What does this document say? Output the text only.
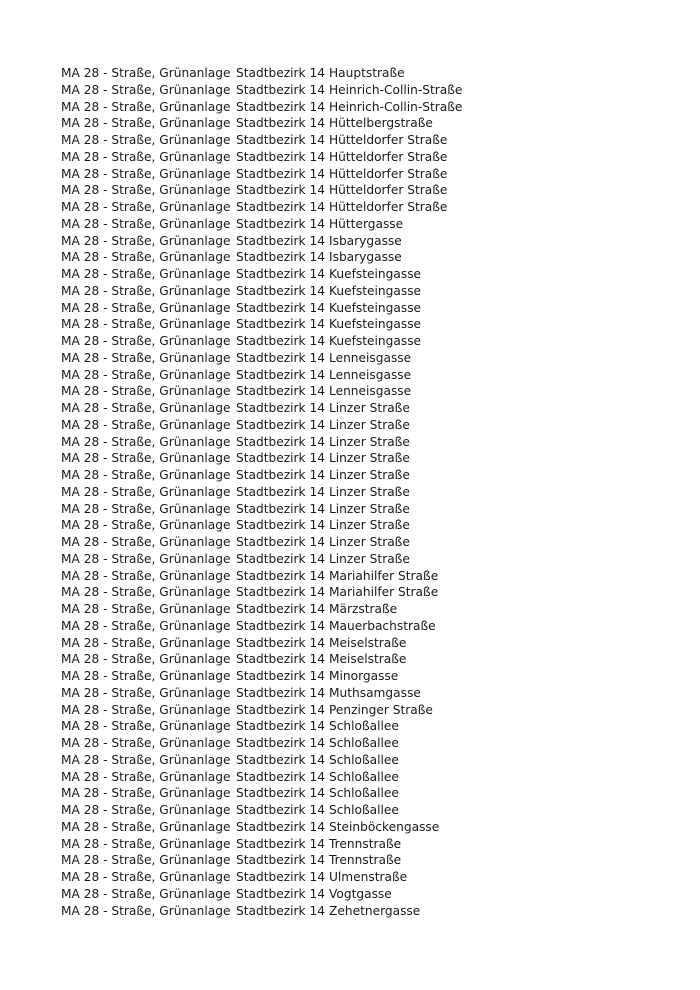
MA 28 - Straße, Grünanlage Stadtbezirk 14 Hauptstraße
MA 28 - Straße, Grünanlage Stadtbezirk 14 Heinrich-Collin-Straße
MA 28 - Straße, Grünanlage Stadtbezirk 14 Heinrich-Collin-Straße
MA 28 - Straße, Grünanlage Stadtbezirk 14 Hüttelbergstraße
MA 28 - Straße, Grünanlage Stadtbezirk 14 Hütteldorfer Straße
MA 28 - Straße, Grünanlage Stadtbezirk 14 Hütteldorfer Straße
MA 28 - Straße, Grünanlage Stadtbezirk 14 Hütteldorfer Straße
MA 28 - Straße, Grünanlage Stadtbezirk 14 Hütteldorfer Straße
MA 28 - Straße, Grünanlage Stadtbezirk 14 Hütteldorfer Straße
MA 28 - Straße, Grünanlage Stadtbezirk 14 Hüttergasse
MA 28 - Straße, Grünanlage Stadtbezirk 14 Isbarygasse
MA 28 - Straße, Grünanlage Stadtbezirk 14 Isbarygasse
MA 28 - Straße, Grünanlage Stadtbezirk 14 Kuefsteingasse
MA 28 - Straße, Grünanlage Stadtbezirk 14 Kuefsteingasse
MA 28 - Straße, Grünanlage Stadtbezirk 14 Kuefsteingasse
MA 28 - Straße, Grünanlage Stadtbezirk 14 Kuefsteingasse
MA 28 - Straße, Grünanlage Stadtbezirk 14 Kuefsteingasse
MA 28 - Straße, Grünanlage Stadtbezirk 14 Lenneisgasse
MA 28 - Straße, Grünanlage Stadtbezirk 14 Lenneisgasse
MA 28 - Straße, Grünanlage Stadtbezirk 14 Lenneisgasse
MA 28 - Straße, Grünanlage Stadtbezirk 14 Linzer Straße
MA 28 - Straße, Grünanlage Stadtbezirk 14 Linzer Straße
MA 28 - Straße, Grünanlage Stadtbezirk 14 Linzer Straße
MA 28 - Straße, Grünanlage Stadtbezirk 14 Linzer Straße
MA 28 - Straße, Grünanlage Stadtbezirk 14 Linzer Straße
MA 28 - Straße, Grünanlage Stadtbezirk 14 Linzer Straße
MA 28 - Straße, Grünanlage Stadtbezirk 14 Linzer Straße
MA 28 - Straße, Grünanlage Stadtbezirk 14 Linzer Straße
MA 28 - Straße, Grünanlage Stadtbezirk 14 Linzer Straße
MA 28 - Straße, Grünanlage Stadtbezirk 14 Linzer Straße
MA 28 - Straße, Grünanlage Stadtbezirk 14 Mariahilfer Straße
MA 28 - Straße, Grünanlage Stadtbezirk 14 Mariahilfer Straße
MA 28 - Straße, Grünanlage Stadtbezirk 14 Märzstraße
MA 28 - Straße, Grünanlage Stadtbezirk 14 Mauerbachstraße
MA 28 - Straße, Grünanlage Stadtbezirk 14 Meiselstraße
MA 28 - Straße, Grünanlage Stadtbezirk 14 Meiselstraße
MA 28 - Straße, Grünanlage Stadtbezirk 14 Minorgasse
MA 28 - Straße, Grünanlage Stadtbezirk 14 Muthsamgasse
MA 28 - Straße, Grünanlage Stadtbezirk 14 Penzinger Straße
MA 28 - Straße, Grünanlage Stadtbezirk 14 Schloßallee
MA 28 - Straße, Grünanlage Stadtbezirk 14 Schloßallee
MA 28 - Straße, Grünanlage Stadtbezirk 14 Schloßallee
MA 28 - Straße, Grünanlage Stadtbezirk 14 Schloßallee
MA 28 - Straße, Grünanlage Stadtbezirk 14 Schloßallee
MA 28 - Straße, Grünanlage Stadtbezirk 14 Schloßallee
MA 28 - Straße, Grünanlage Stadtbezirk 14 Steinböckengasse
MA 28 - Straße, Grünanlage Stadtbezirk 14 Trennstraße
MA 28 - Straße, Grünanlage Stadtbezirk 14 Trennstraße
MA 28 - Straße, Grünanlage Stadtbezirk 14 Ulmenstraße
MA 28 - Straße, Grünanlage Stadtbezirk 14 Vogtgasse
MA 28 - Straße, Grünanlage Stadtbezirk 14 Zehetnergasse
